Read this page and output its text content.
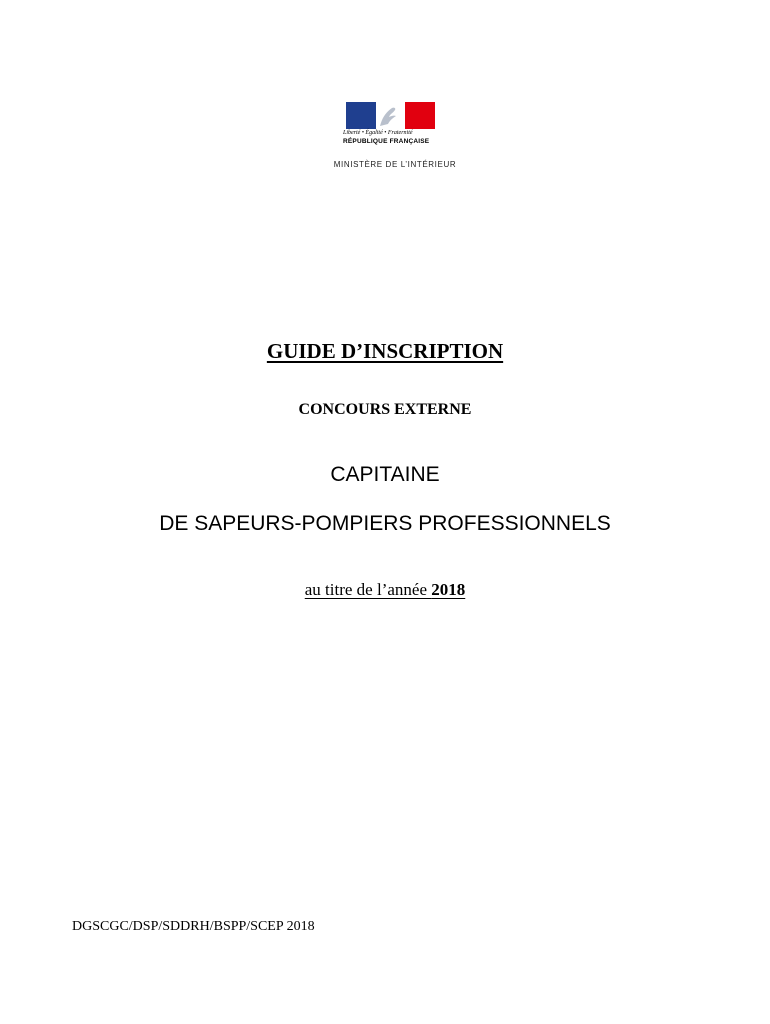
Liberté • Égalité • Fraternité
RÉPUBLIQUE FRANÇAISE
MINISTÈRE DE L’INTÉRIEUR
GUIDE D’INSCRIPTION
CONCOURS EXTERNE
CAPITAINE
DE SAPEURS-POMPIERS PROFESSIONNELS
au titre de l’année 2018
DGSCGC/DSP/SDDRH/BSPP/SCEP 2018
